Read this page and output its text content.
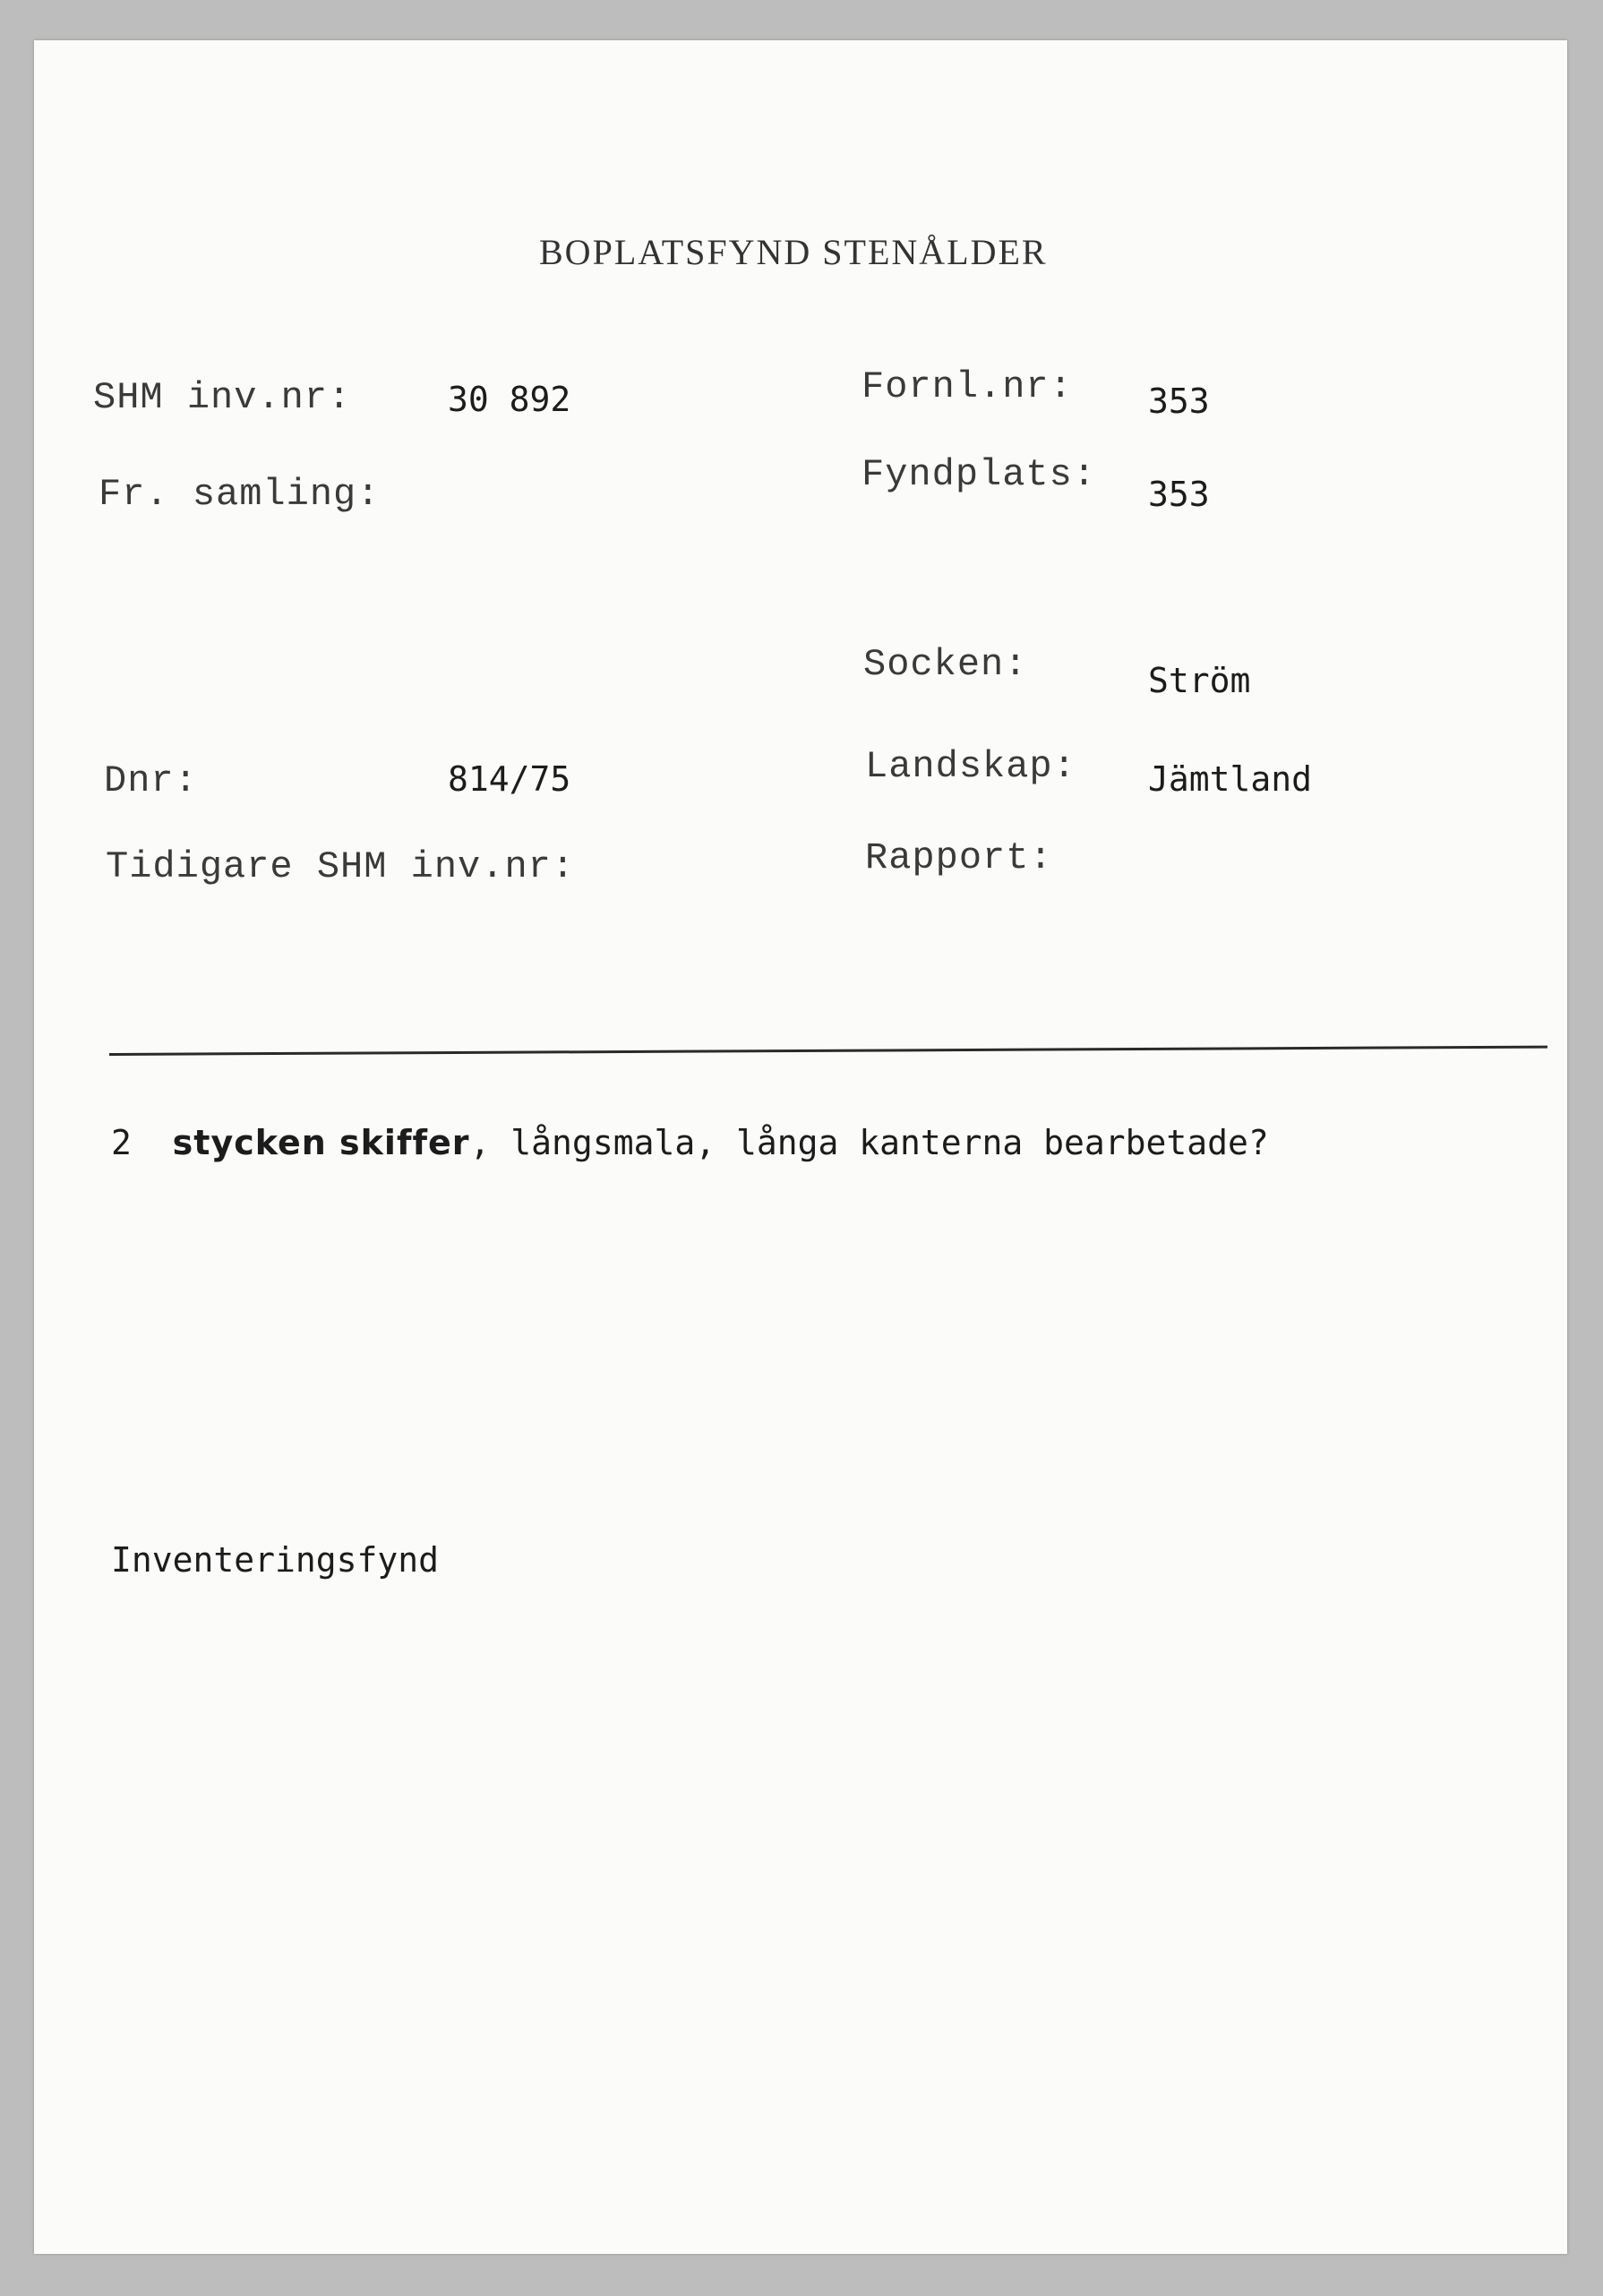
BOPLATSFYND STENÅLDER
SHM inv.nr:	30 892	Fornl.nr: 353
Fr. samling:	Fyndplats: 353
Socken:	Ström
Dnr:	814/75	Landskap: Jämtland
Tidigare SHM inv.nr:	Rapport:
2 stycken skiffer, långsmala, långa kanterna bearbetade?
Inventeringsfynd
